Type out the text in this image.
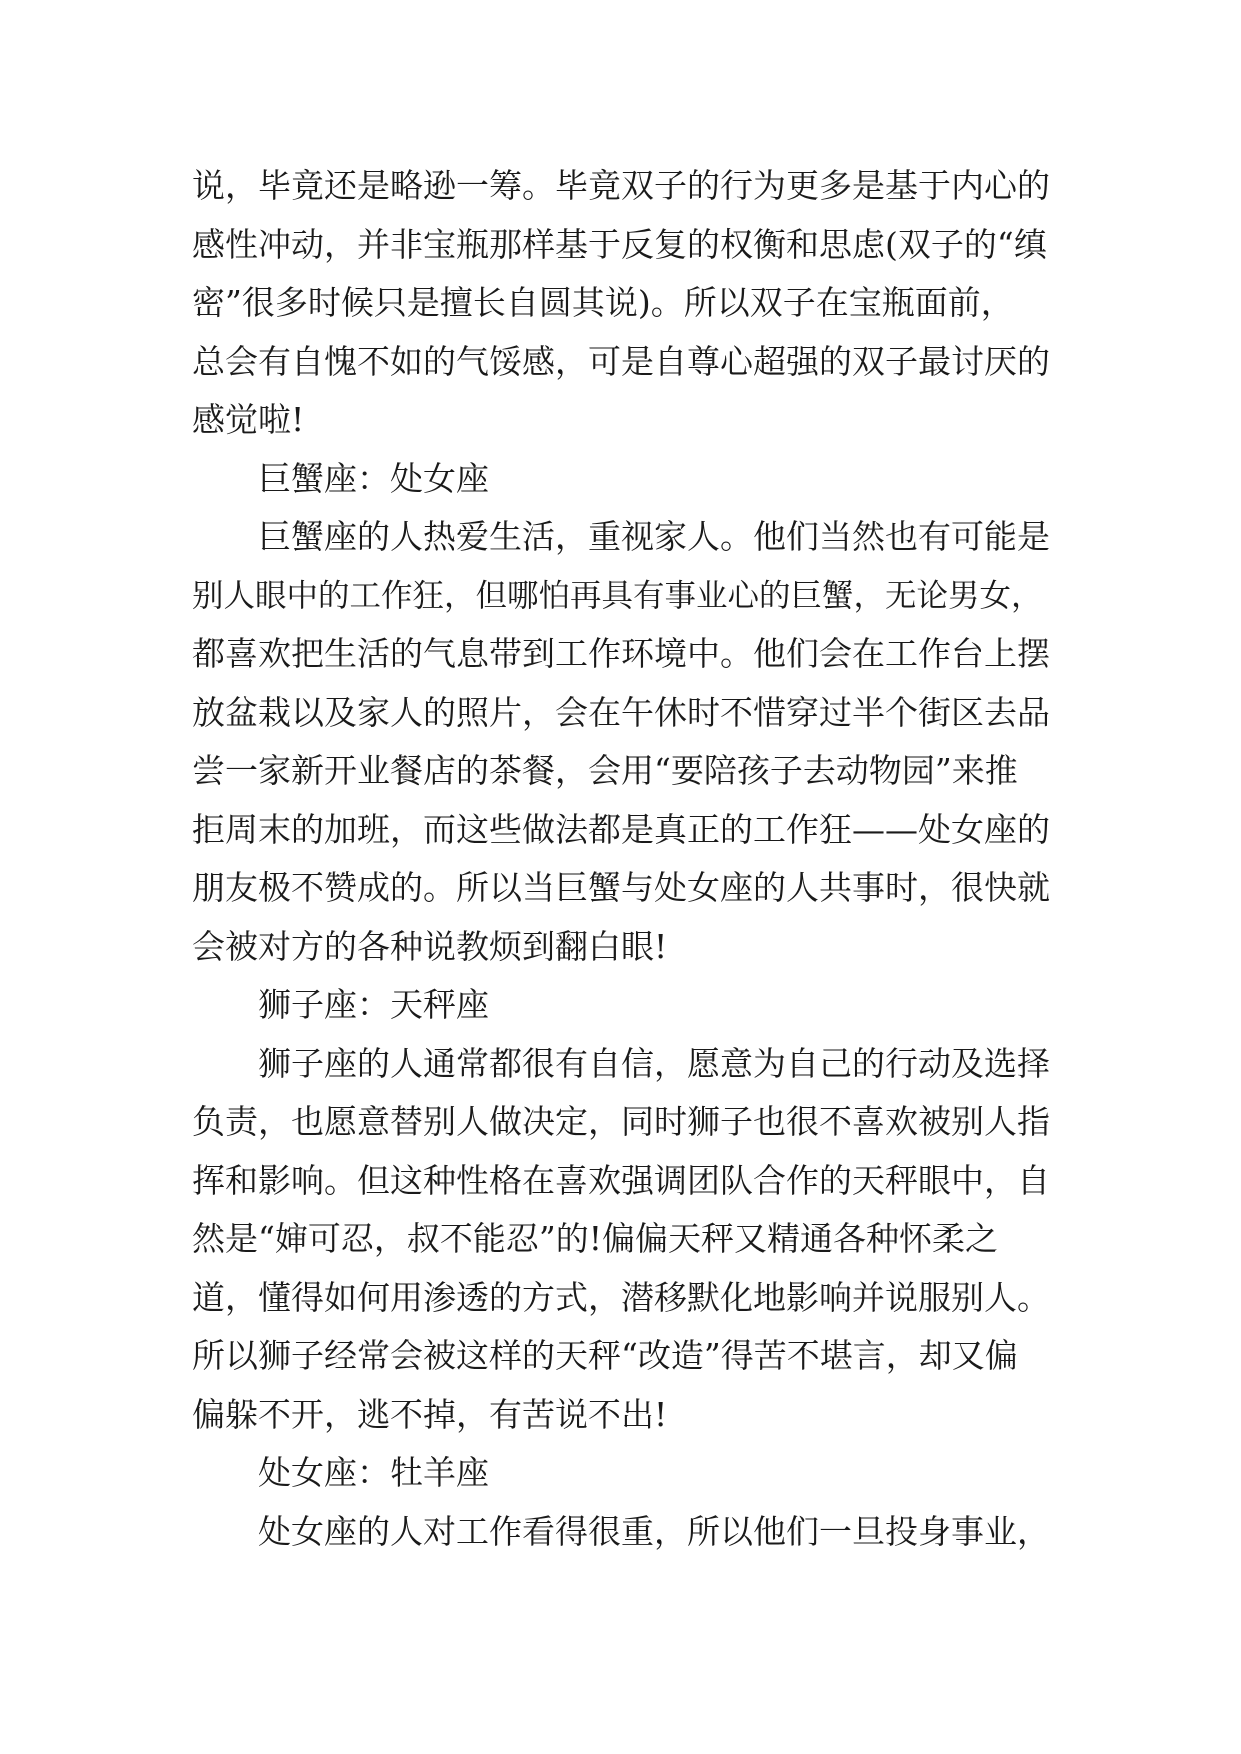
说，毕竟还是略逊一筹。毕竟双子的行为更多是基于内心的
感性冲动，并非宝瓶那样基于反复的权衡和思虑(双子的“缜
密”很多时候只是擅长自圆其说)。所以双子在宝瓶面前，
总会有自愧不如的气馁感，可是自尊心超强的双子最讨厌的
感觉啦!
巨蟹座：处女座
巨蟹座的人热爱生活，重视家人。他们当然也有可能是
别人眼中的工作狂，但哪怕再具有事业心的巨蟹，无论男女，
都喜欢把生活的气息带到工作环境中。他们会在工作台上摆
放盆栽以及家人的照片，会在午休时不惜穿过半个街区去品
尝一家新开业餐店的茶餐，会用“要陪孩子去动物园”来推
拒周末的加班，而这些做法都是真正的工作狂——处女座的
朋友极不赞成的。所以当巨蟹与处女座的人共事时，很快就
会被对方的各种说教烦到翻白眼!
狮子座：天秤座
狮子座的人通常都很有自信，愿意为自己的行动及选择
负责，也愿意替别人做决定，同时狮子也很不喜欢被别人指
挥和影响。但这种性格在喜欢强调团队合作的天秤眼中，自
然是“婶可忍，叔不能忍”的!偏偏天秤又精通各种怀柔之
道，懂得如何用渗透的方式，潜移默化地影响并说服别人。
所以狮子经常会被这样的天秤“改造”得苦不堪言，却又偏
偏躲不开，逃不掉，有苦说不出!
处女座：牡羊座
处女座的人对工作看得很重，所以他们一旦投身事业，
